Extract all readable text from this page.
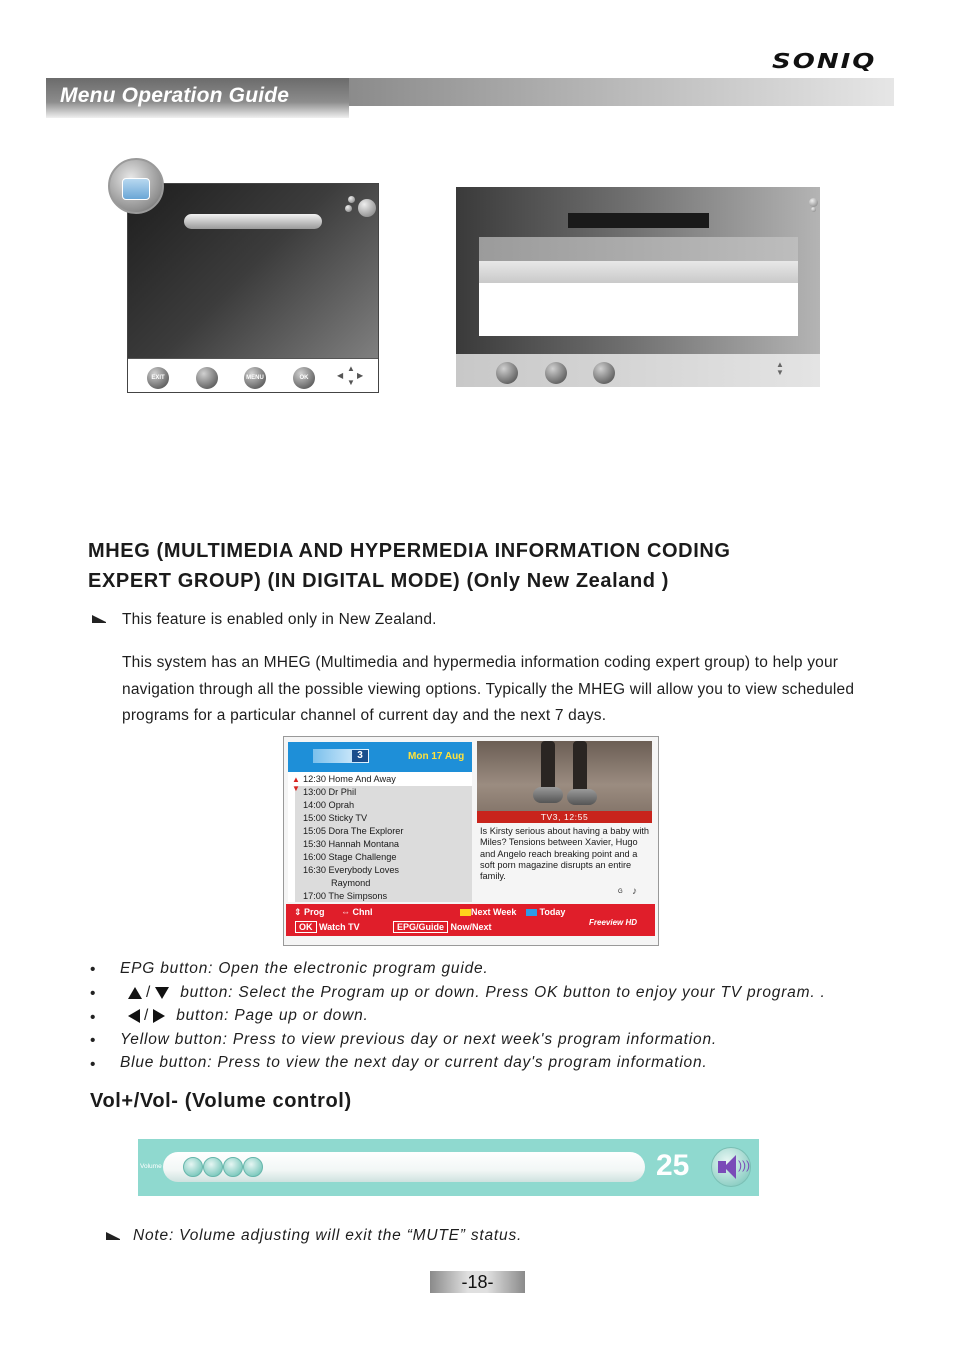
Menu Operation Guide
SONIQ
EXIT	MENU	OK
▲
▼
◀ ▶
▲
▼
MHEG (MULTIMEDIA AND HYPERMEDIA INFORMATION CODING
EXPERT GROUP) (IN DIGITAL MODE) (Only New Zealand )
This feature is enabled only in New Zealand.
This system has an MHEG (Multimedia and hypermedia information coding expert group) to help your navigation through all the possible viewing options. Typically the MHEG will allow you to view scheduled programs for a particular channel of current day and the next 7 days.
3	Mon 17 Aug
▲
▼
12:30 Home And Away
13:00 Dr Phil
14:00 Oprah
15:00 Sticky TV
15:05 Dora The Explorer
15:30 Hannah Montana
16:00 Stage Challenge
16:30 Everybody Loves
Raymond
17:00 The Simpsons
TV3, 12:55
Is Kirsty serious about having a baby with Miles? Tensions between Xavier, Hugo and Angelo reach breaking point and a soft porn magazine disrupts an entire family.
G ♪
⇕ Prog ⇔ Chnl	Next Week	Today
OK Watch TV	EPG/Guide Now/Next	Freeview HD
• EPG button: Open the electronic program guide.
•	/ button: Select the Program up or down. Press OK button to enjoy your TV program. .
•	/ button: Page up or down.
• Yellow button: Press to view previous day or next week's program information.
• Blue button: Press to view the next day or current day's program information.
Vol+/Vol- (Volume control)
Volume	25	)))
Note: Volume adjusting will exit the “MUTE” status.
-18-
